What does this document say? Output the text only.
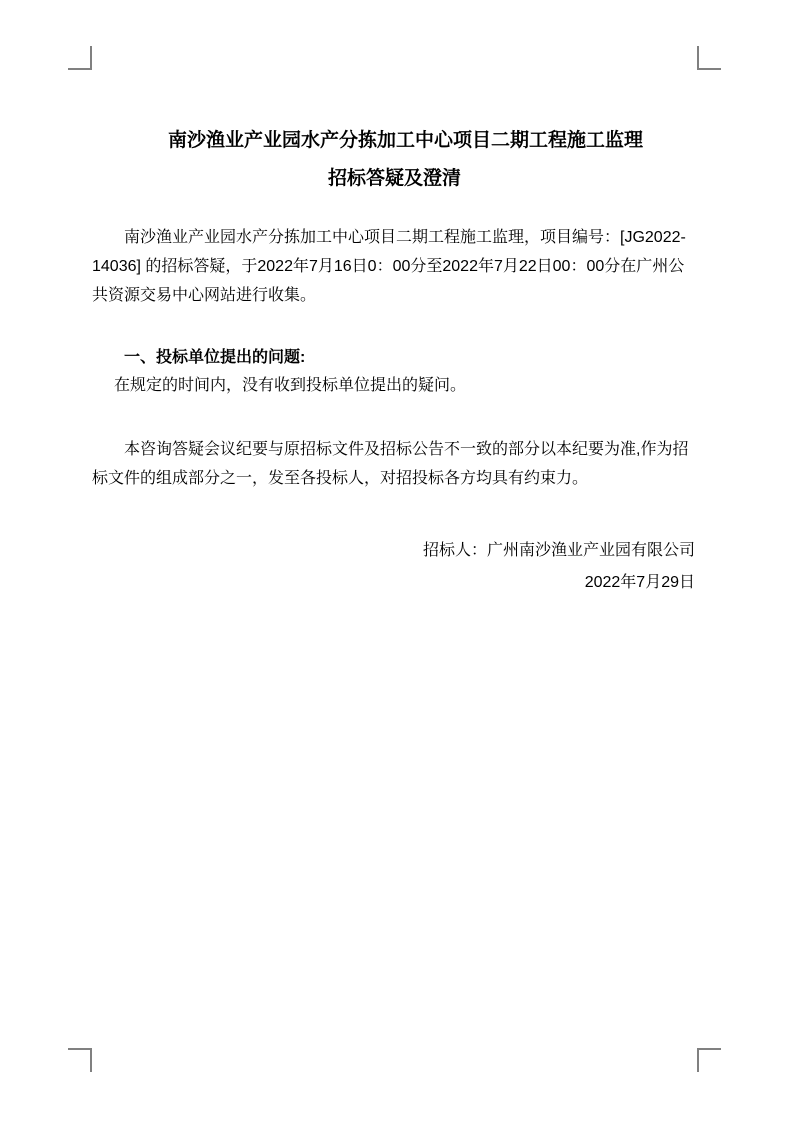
南沙渔业产业园水产分拣加工中心项目二期工程施工监理
招标答疑及澄清
南沙渔业产业园水产分拣加工中心项目二期工程施工监理，项目编号：[JG2022-
14036] 的招标答疑，于2022年7月16日0：00分至2022年7月22日00：00分在广州公
共资源交易中心网站进行收集。
一、投标单位提出的问题:
在规定的时间内，没有收到投标单位提出的疑问。
本咨询答疑会议纪要与原招标文件及招标公告不一致的部分以本纪要为准,作为招
标文件的组成部分之一，发至各投标人，对招投标各方均具有约束力。
招标人：广州南沙渔业产业园有限公司
2022年7月29日
